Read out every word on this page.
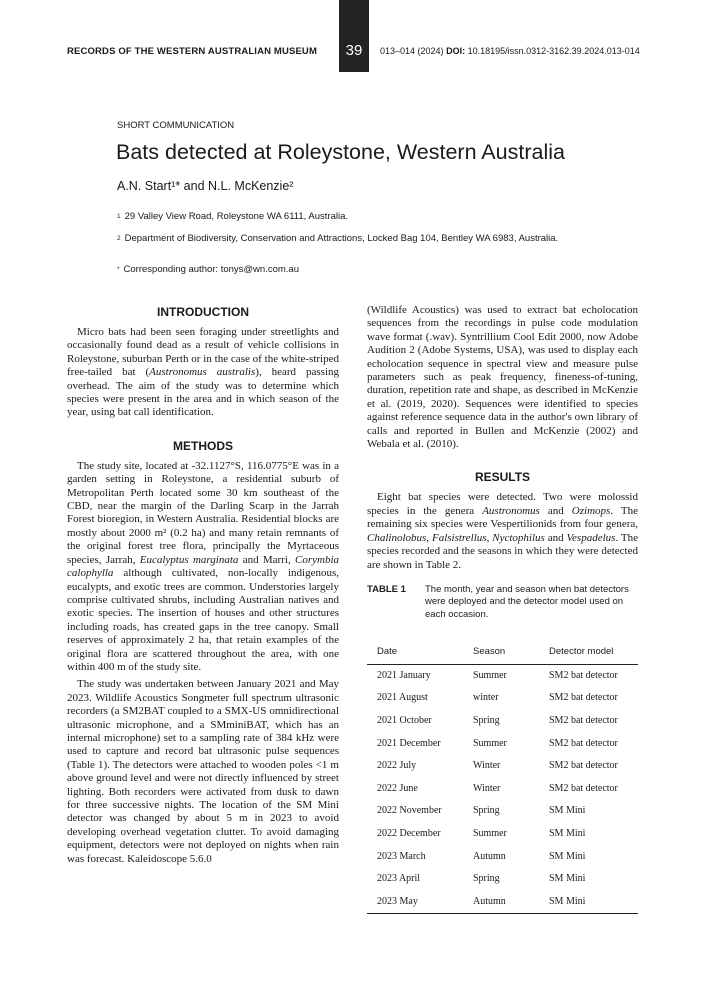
RECORDS OF THE WESTERN AUSTRALIAN MUSEUM	39	013–014 (2024) DOI: 10.18195/issn.0312-3162.39.2024.013-014
SHORT COMMUNICATION
Bats detected at Roleystone, Western Australia
A.N. Start¹* and N.L. McKenzie²
$^1$ 29 Valley View Road, Roleystone WA 6111, Australia.
$^2$ Department of Biodiversity, Conservation and Attractions, Locked Bag 104, Bentley WA 6983, Australia.
* Corresponding author: tonys@wn.com.au
INTRODUCTION

Micro bats had been seen foraging under streetlights and occasionally found dead as a result of vehicle collisions in Roleystone, suburban Perth or in the case of the white-striped free-tailed bat (Austronomus australis), heard passing overhead. The aim of the study was to determine which species were present in the area and in which season of the year, using bat call identification.

METHODS

The study site, located at -32.1127°S, 116.0775°E was in a garden setting in Roleystone, a residential suburb of Metropolitan Perth located some 30 km southeast of the CBD, near the margin of the Darling Scarp in the Jarrah Forest bioregion, in Western Australia. Residential blocks are mostly about 2000 m² (0.2 ha) and many retain remnants of the original forest tree flora, principally the Myrtaceous species, Jarrah, Eucalyptus marginata and Marri, Corymbia calophylla although cultivated, non-locally indigenous, eucalypts, and exotic trees are common. Understories largely comprise cultivated shrubs, including Australian natives and exotic species. The insertion of houses and other structures including roads, has created gaps in the tree canopy. Small reserves of approximately 2 ha, that retain examples of the original flora are scattered throughout the area, with one within 400 m of the study site.

The study was undertaken between January 2021 and May 2023. Wildlife Acoustics Songmeter full spectrum ultrasonic recorders (a SM2BAT coupled to a SMX-US omnidirectional ultrasonic microphone, and a SMminiBAT, which has an internal microphone) set to a sampling rate of 384 kHz were used to capture and record bat ultrasonic pulse sequences (Table 1). The detectors were attached to wooden poles <1 m above ground level and were not directly influenced by street lighting. Both recorders were activated from dusk to dawn for three successive nights. The location of the SM Mini detector was changed by about 5 m in 2023 to avoid developing overhead vegetation clutter. To avoid damaging equipment, detectors were not deployed on nights when rain was forecast. Kaleidoscope 5.6.0

(Wildlife Acoustics) was used to extract bat echolocation sequences from the recordings in pulse code modulation wave format (.wav). Syntrillium Cool Edit 2000, now Adobe Audition 2 (Adobe Systems, USA), was used to display each echolocation sequence in spectral view and measure pulse parameters such as peak frequency, fineness-of-tuning, duration, repetition rate and shape, as described in McKenzie et al. (2019, 2020). Sequences were identified to species against reference sequence data in the author's own library of calls and reported in Bullen and McKenzie (2002) and Webala et al. (2010).

RESULTS

Eight bat species were detected. Two were molossid species in the genera Austronomus and Ozimops. The remaining six species were Vespertilionids from four genera, Chalinolobus, Falsistrellus, Nyctophilus and Vespadelus. The species recorded and the seasons in which they were detected are shown in Table 2.

TABLE 1	The month, year and season when bat detectors were deployed and the detector model used on each occasion.
Date	Season	Detector model
2021 January	Summer	SM2 bat detector
2021 August	winter	SM2 bat detector
2021 October	Spring	SM2 bat detector
2021 December	Summer	SM2 bat detector
2022 July	Winter	SM2 bat detector
2022 June	Winter	SM2 bat detector
2022 November	Spring	SM Mini
2022 December	Summer	SM Mini
2023 March	Autumn	SM Mini
2023 April	Spring	SM Mini
2023 May	Autumn	SM Mini
